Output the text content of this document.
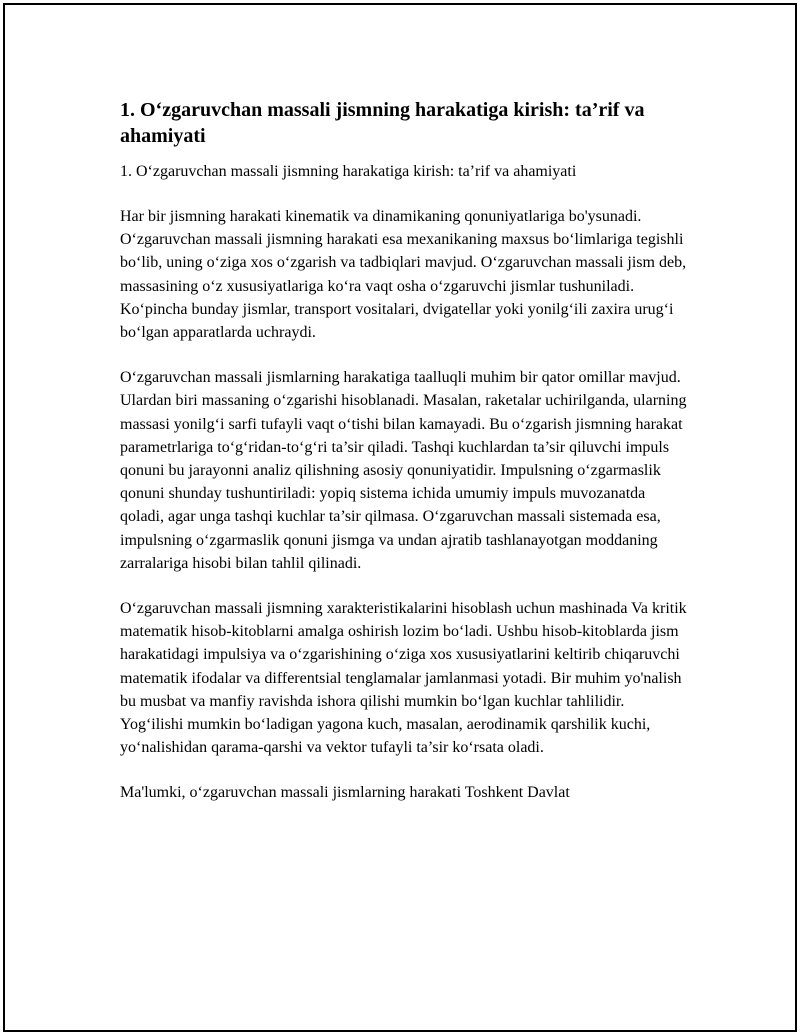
1. O‘zgaruvchan massali jismning harakatiga kirish: ta’rif va ahamiyati

1. O‘zgaruvchan massali jismning harakatiga kirish: ta’rif va ahamiyati

Har bir jismning harakati kinematik va dinamikaning qonuniyatlariga bo'ysunadi. O‘zgaruvchan massali jismning harakati esa mexanikaning maxsus bo‘limlariga tegishli bo‘lib, uning o‘ziga xos o‘zgarish va tadbiqlari mavjud. O‘zgaruvchan massali jism deb, massasining o‘z xususiyatlariga ko‘ra vaqt osha o‘zgaruvchi jismlar tushuniladi. Ko‘pincha bunday jismlar, transport vositalari, dvigatellar yoki yonilg‘ili zaxira urug‘i bo‘lgan apparatlarda uchraydi.

O‘zgaruvchan massali jismlarning harakatiga taalluqli muhim bir qator omillar mavjud. Ulardan biri massaning o‘zgarishi hisoblanadi. Masalan, raketalar uchirilganda, ularning massasi yonilg‘i sarfi tufayli vaqt o‘tishi bilan kamayadi. Bu o‘zgarish jismning harakat parametrlariga to‘g‘ridan-to‘g‘ri ta’sir qiladi. Tashqi kuchlardan ta’sir qiluvchi impuls qonuni bu jarayonni analiz qilishning asosiy qonuniyatidir. Impulsning o‘zgarmaslik qonuni shunday tushuntiriladi: yopiq sistema ichida umumiy impuls muvozanatda qoladi, agar unga tashqi kuchlar ta’sir qilmasa. O‘zgaruvchan massali sistemada esa, impulsning o‘zgarmaslik qonuni jismga va undan ajratib tashlanayotgan moddaning zarralariga hisobi bilan tahlil qilinadi.

O‘zgaruvchan massali jismning xarakteristikalarini hisoblash uchun mashinada Va kritik matematik hisob-kitoblarni amalga oshirish lozim bo‘ladi. Ushbu hisob-kitoblarda jism harakatidagi impulsiya va o‘zgarishining o‘ziga xos xususiyatlarini keltirib chiqaruvchi matematik ifodalar va differentsial tenglamalar jamlanmasi yotadi. Bir muhim yo'nalish bu musbat va manfiy ravishda ishora qilishi mumkin bo‘lgan kuchlar tahlilidir. Yog‘ilishi mumkin bo‘ladigan yagona kuch, masalan, aerodinamik qarshilik kuchi, yo‘nalishidan qarama-qarshi va vektor tufayli ta’sir ko‘rsata oladi.

Ma'lumki, o‘zgaruvchan massali jismlarning harakati Toshkent Davlat
